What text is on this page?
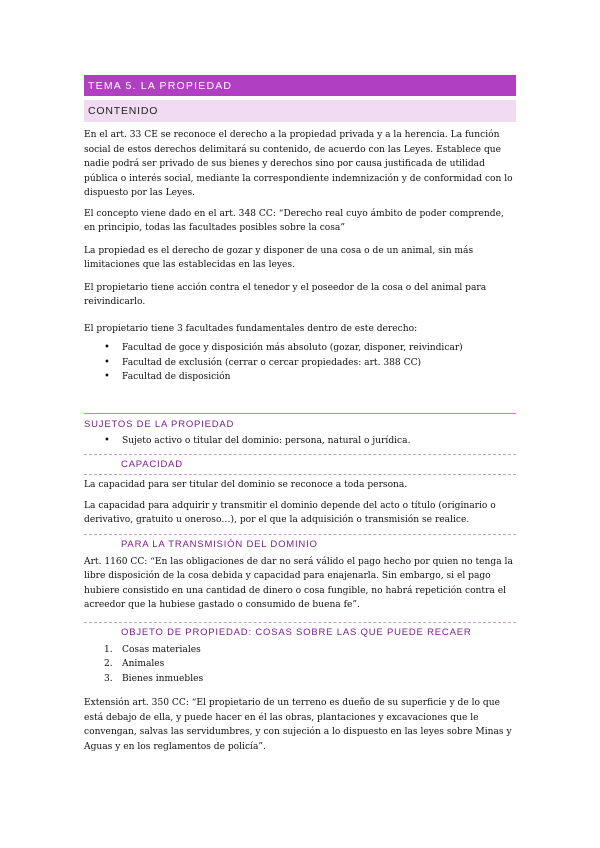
TEMA 5. LA PROPIEDAD
CONTENIDO

En el art. 33 CE se reconoce el derecho a la propiedad privada y a la herencia. La función social de estos derechos delimitará su contenido, de acuerdo con las Leyes. Establece que nadie podrá ser privado de sus bienes y derechos sino por causa justificada de utilidad pública o interés social, mediante la correspondiente indemnización y de conformidad con lo dispuesto por las Leyes.

El concepto viene dado en el art. 348 CC: “Derecho real cuyo ámbito de poder comprende, en principio, todas las facultades posibles sobre la cosa”

La propiedad es el derecho de gozar y disponer de una cosa o de un animal, sin más limitaciones que las establecidas en las leyes.

El propietario tiene acción contra el tenedor y el poseedor de la cosa o del animal para reivindicarlo.

El propietario tiene 3 facultades fundamentales dentro de este derecho:

• Facultad de goce y disposición más absoluto (gozar, disponer, reivindicar)
• Facultad de exclusión (cerrar o cercar propiedades: art. 388 CC)
• Facultad de disposición
SUJETOS DE LA PROPIEDAD
• Sujeto activo o titular del dominio: persona, natural o jurídica.
CAPACIDAD

La capacidad para ser titular del dominio se reconoce a toda persona.

La capacidad para adquirir y transmitir el dominio depende del acto o título (originario o derivativo, gratuito u oneroso…), por el que la adquisición o transmisión se realice.

PARA LA TRANSMISIÓN DEL DOMINIO

Art. 1160 CC: “En las obligaciones de dar no será válido el pago hecho por quien no tenga la libre disposición de la cosa debida y capacidad para enajenarla. Sin embargo, si el pago hubiere consistido en una cantidad de dinero o cosa fungible, no habrá repetición contra el acreedor que la hubiese gastado o consumido de buena fe”.

OBJETO DE PROPIEDAD: COSAS SOBRE LAS QUE PUEDE RECAER
1. Cosas materiales
2. Animales
3. Bienes inmuebles

Extensión art. 350 CC: “El propietario de un terreno es dueño de su superficie y de lo que está debajo de ella, y puede hacer en él las obras, plantaciones y excavaciones que le convengan, salvas las servidumbres, y con sujeción a lo dispuesto en las leyes sobre Minas y Aguas y en los reglamentos de policía”.
